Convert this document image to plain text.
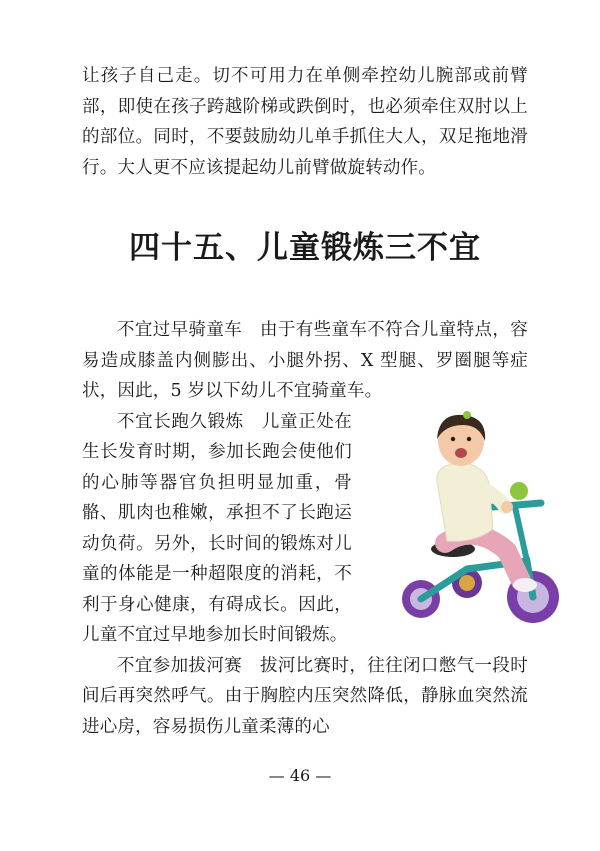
让孩子自己走。切不可用力在单侧牵控幼儿腕部或前臂部，即使在孩子跨越阶梯或跌倒时，也必须牵住双肘以上的部位。同时，不要鼓励幼儿单手抓住大人，双足拖地滑行。大人更不应该提起幼儿前臂做旋转动作。

四十五、儿童锻炼三不宜

不宜过早骑童车　 由于有些童车不符合儿童特点，容易造成膝盖内侧膨出、小腿外拐、X 型腿、罗圈腿等症状，因此，5 岁以下幼儿不宜骑童车。

不宜长跑久锻炼　 儿童正处在生长发育时期，参加长跑会使他们的心肺等器官负担明显加重，骨骼、肌肉也稚嫩，承担不了长跑运动负荷。另外，长时间的锻炼对儿童的体能是一种超限度的消耗，不利于身心健康，有碍成长。因此，儿童不宜过早地参加长时间锻炼。

不宜参加拔河赛　 拔河比赛时，往往闭口憋气一段时间后再突然呼气。由于胸腔内压突然降低，静脉血突然流进心房，容易损伤儿童柔薄的心

— 46 —
